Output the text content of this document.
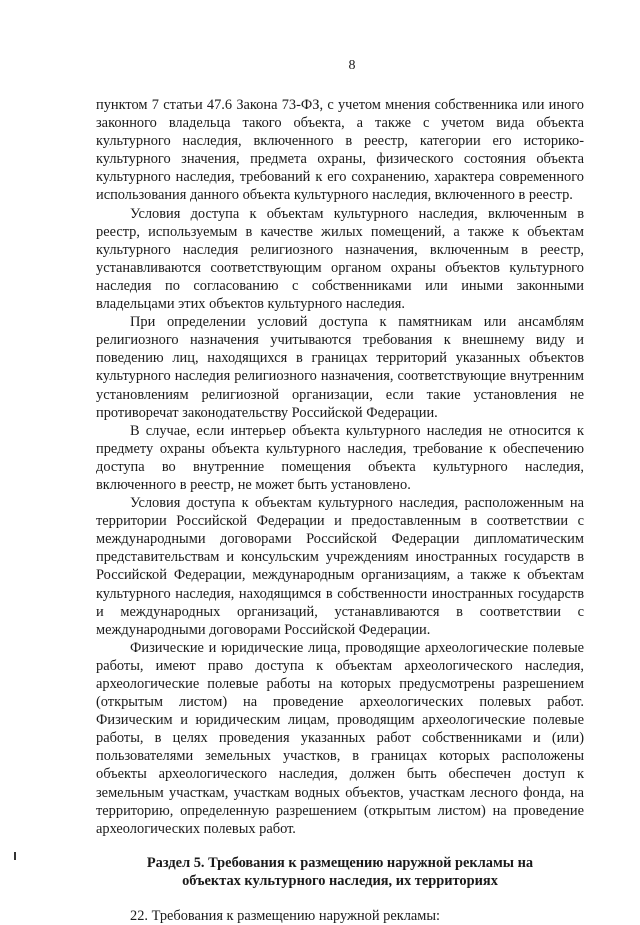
8

пунктом 7 статьи 47.6 Закона 73-ФЗ, с учетом мнения собственника или иного законного владельца такого объекта, а также с учетом вида объекта культурного наследия, включенного в реестр, категории его историко-культурного значения, предмета охраны, физического состояния объекта культурного наследия, требований к его сохранению, характера современного использования данного объекта культурного наследия, включенного в реестр.

Условия доступа к объектам культурного наследия, включенным в реестр, используемым в качестве жилых помещений, а также к объектам культурного наследия религиозного назначения, включенным в реестр, устанавливаются соответствующим органом охраны объектов культурного наследия по согласованию с собственниками или иными законными владельцами этих объектов культурного наследия.

При определении условий доступа к памятникам или ансамблям религиозного назначения учитываются требования к внешнему виду и поведению лиц, находящихся в границах территорий указанных объектов культурного наследия религиозного назначения, соответствующие внутренним установлениям религиозной организации, если такие установления не противоречат законодательству Российской Федерации.

В случае, если интерьер объекта культурного наследия не относится к предмету охраны объекта культурного наследия, требование к обеспечению доступа во внутренние помещения объекта культурного наследия, включенного в реестр, не может быть установлено.

Условия доступа к объектам культурного наследия, расположенным на территории Российской Федерации и предоставленным в соответствии с международными договорами Российской Федерации дипломатическим представительствам и консульским учреждениям иностранных государств в Российской Федерации, международным организациям, а также к объектам культурного наследия, находящимся в собственности иностранных государств и международных организаций, устанавливаются в соответствии с международными договорами Российской Федерации.

Физические и юридические лица, проводящие археологические полевые работы, имеют право доступа к объектам археологического наследия, археологические полевые работы на которых предусмотрены разрешением (открытым листом) на проведение археологических полевых работ. Физическим и юридическим лицам, проводящим археологические полевые работы, в целях проведения указанных работ собственниками и (или) пользователями земельных участков, в границах которых расположены объекты археологического наследия, должен быть обеспечен доступ к земельным участкам, участкам водных объектов, участкам лесного фонда, на территорию, определенную разрешением (открытым листом) на проведение археологических полевых работ.

Раздел 5. Требования к размещению наружной рекламы на объектах культурного наследия, их территориях

22. Требования к размещению наружной рекламы:
